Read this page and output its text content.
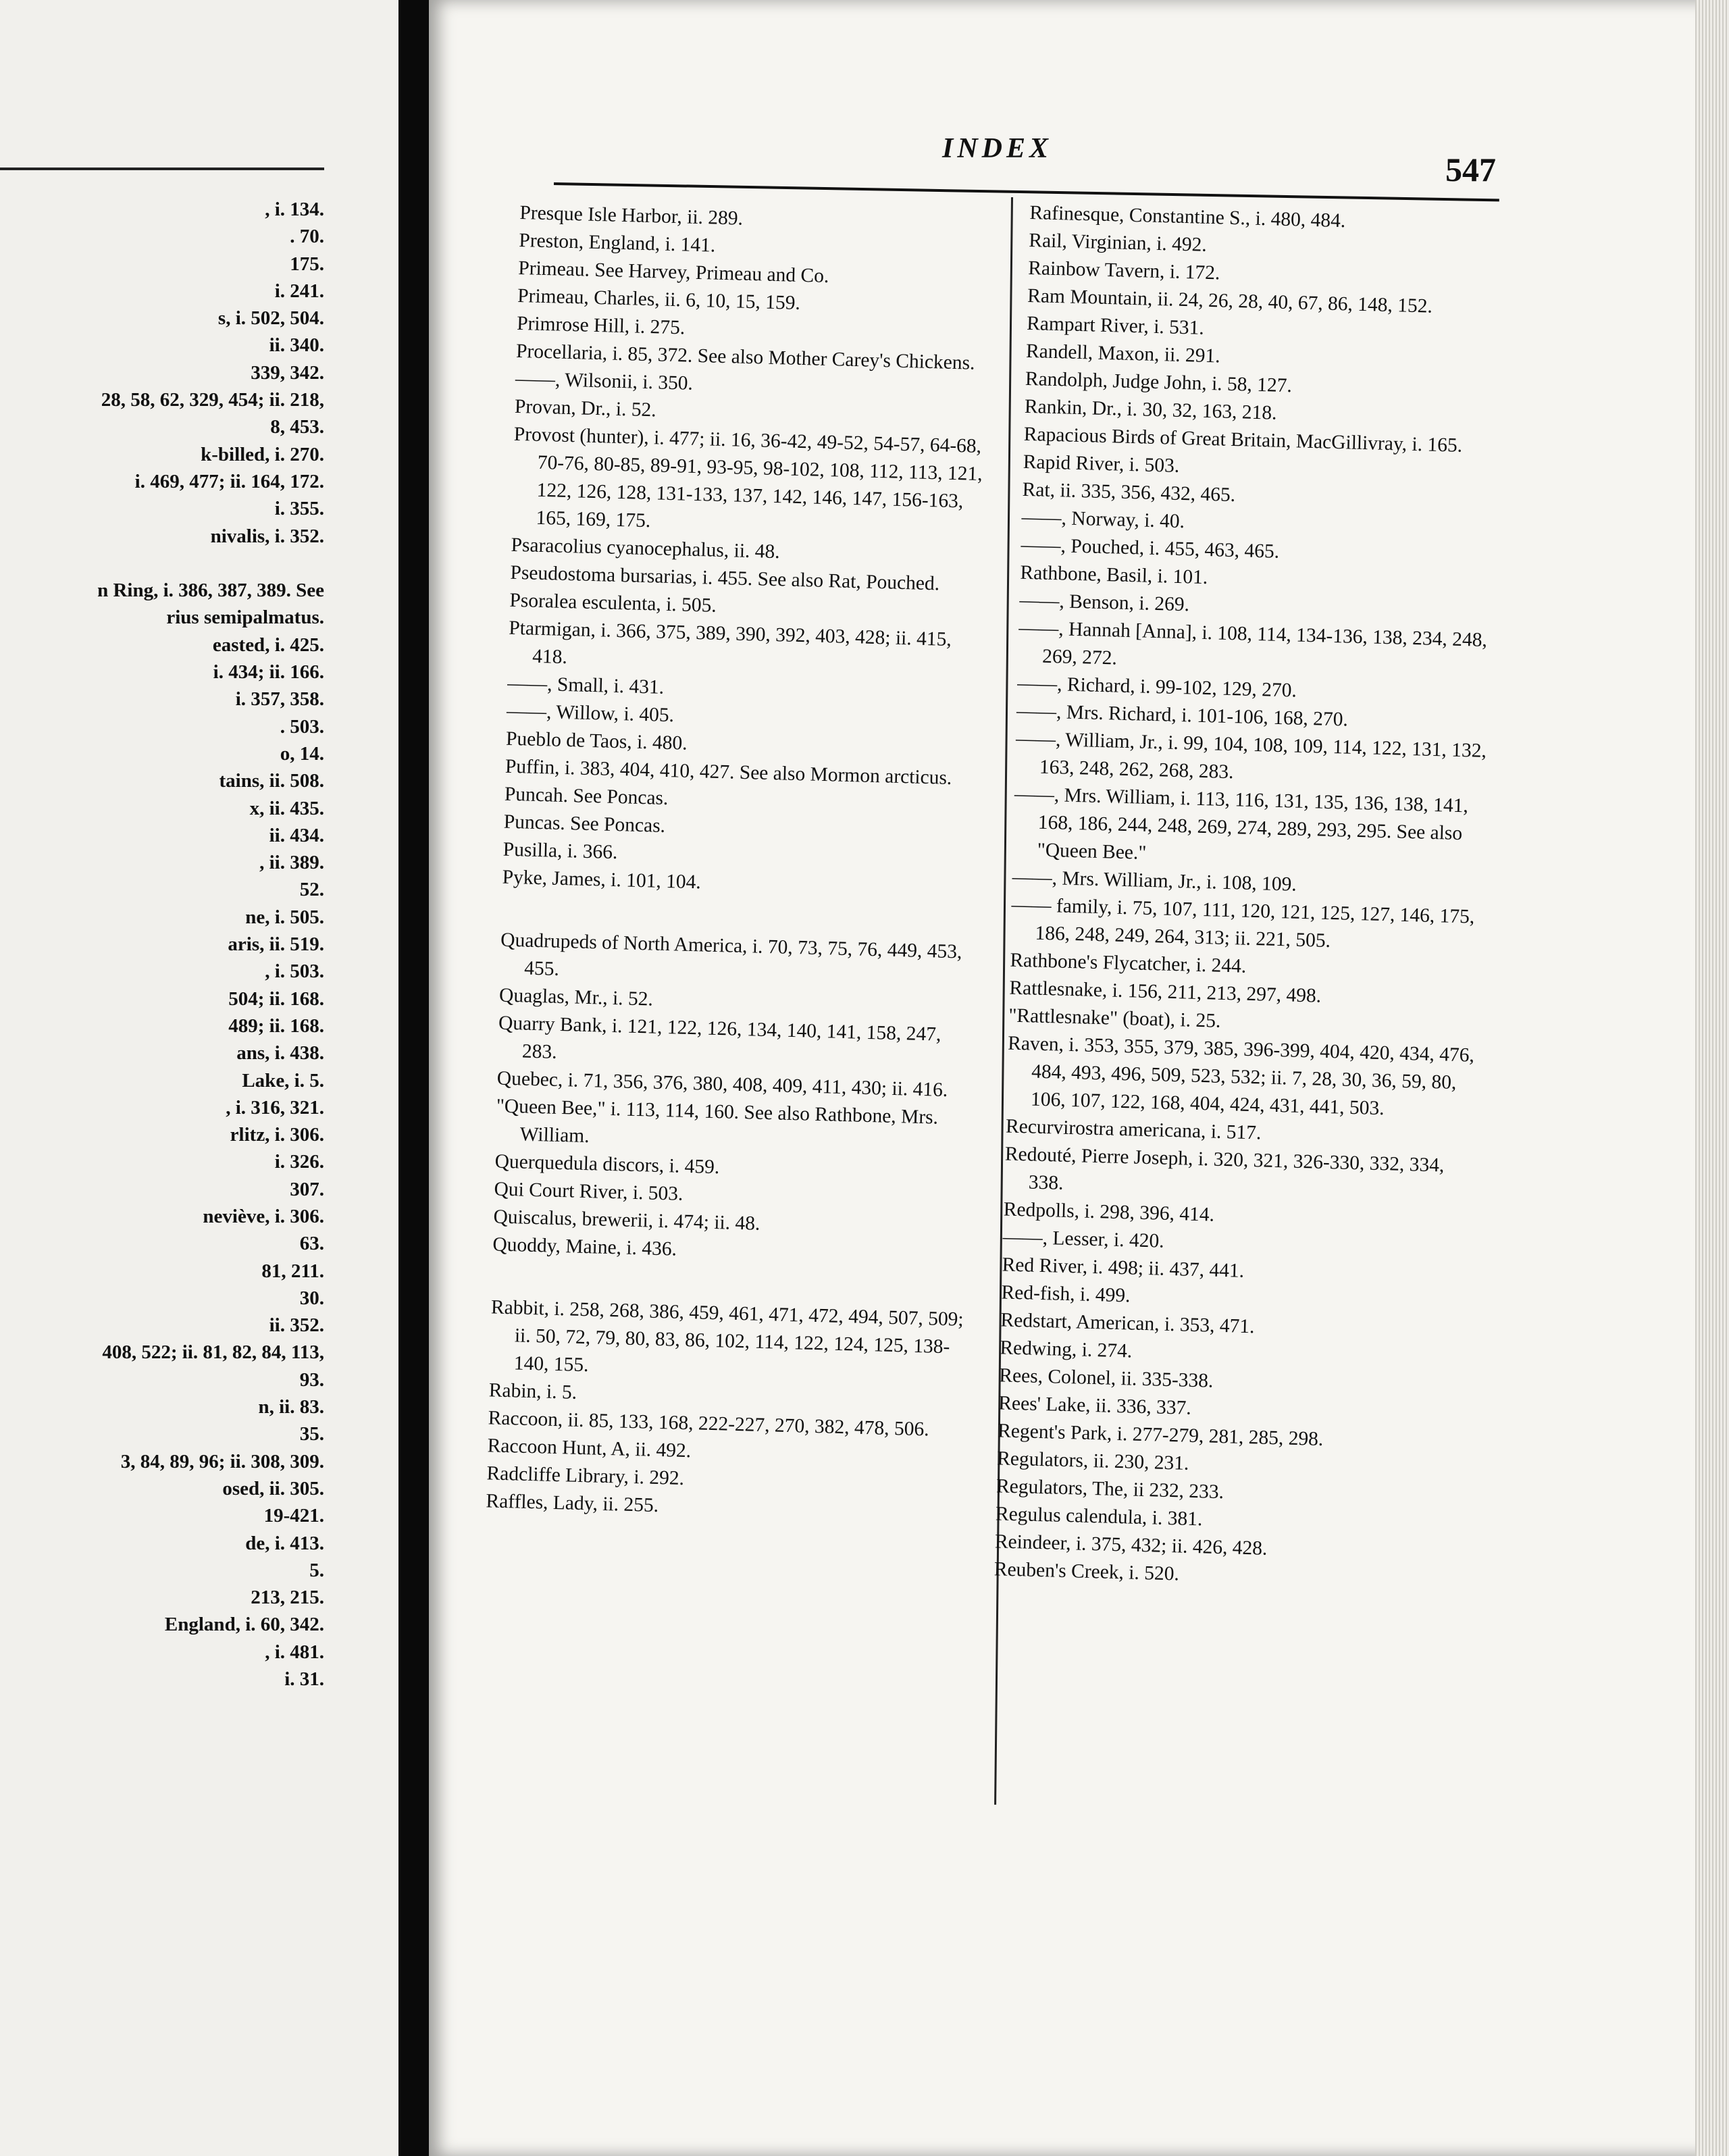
, i. 134.
. 70.
175.
i. 241.
s, i. 502, 504.
ii. 340.
339, 342.
28, 58, 62, 329, 454; ii. 218,
8, 453.
k-billed, i. 270.
i. 469, 477; ii. 164, 172.
i. 355.
nivalis, i. 352.
n Ring, i. 386, 387, 389. See
rius semipalmatus.
easted, i. 425.
i. 434; ii. 166.
i. 357, 358.
. 503.
o, 14.
tains, ii. 508.
x, ii. 435.
ii. 434.
, ii. 389.
52.
ne, i. 505.
aris, ii. 519.
, i. 503.
504; ii. 168.
489; ii. 168.
ans, i. 438.
Lake, i. 5.
, i. 316, 321.
rlitz, i. 306.
i. 326.
307.
neviève, i. 306.
63.
81, 211.
30.
ii. 352.
408, 522; ii. 81, 82, 84, 113,
93.
n, ii. 83.
35.
3, 84, 89, 96; ii. 308, 309.
osed, ii. 305.
19-421.
de, i. 413.
5.
213, 215.
England, i. 60, 342.
, i. 481.
i. 31.
INDEX
547
Presque Isle Harbor, ii. 289.
Preston, England, i. 141.
Primeau. See Harvey, Primeau and Co.
Primeau, Charles, ii. 6, 10, 15, 159.
Primrose Hill, i. 275.
Procellaria, i. 85, 372. See also Mother Carey's Chickens.
——, Wilsonii, i. 350.
Provan, Dr., i. 52.
Provost (hunter), i. 477; ii. 16, 36-42, 49-52, 54-57, 64-68, 70-76, 80-85, 89-91, 93-95, 98-102, 108, 112, 113, 121, 122, 126, 128, 131-133, 137, 142, 146, 147, 156-163, 165, 169, 175.
Psaracolius cyanocephalus, ii. 48.
Pseudostoma bursarias, i. 455. See also Rat, Pouched.
Psoralea esculenta, i. 505.
Ptarmigan, i. 366, 375, 389, 390, 392, 403, 428; ii. 415, 418.
——, Small, i. 431.
——, Willow, i. 405.
Pueblo de Taos, i. 480.
Puffin, i. 383, 404, 410, 427. See also Mormon arcticus.
Puncah. See Poncas.
Puncas. See Poncas.
Pusilla, i. 366.
Pyke, James, i. 101, 104.
Quadrupeds of North America, i. 70, 73, 75, 76, 449, 453, 455.
Quaglas, Mr., i. 52.
Quarry Bank, i. 121, 122, 126, 134, 140, 141, 158, 247, 283.
Quebec, i. 71, 356, 376, 380, 408, 409, 411, 430; ii. 416.
"Queen Bee," i. 113, 114, 160. See also Rathbone, Mrs. William.
Querquedula discors, i. 459.
Qui Court River, i. 503.
Quiscalus, brewerii, i. 474; ii. 48.
Quoddy, Maine, i. 436.
Rabbit, i. 258, 268, 386, 459, 461, 471, 472, 494, 507, 509; ii. 50, 72, 79, 80, 83, 86, 102, 114, 122, 124, 125, 138-140, 155.
Rabin, i. 5.
Raccoon, ii. 85, 133, 168, 222-227, 270, 382, 478, 506.
Raccoon Hunt, A, ii. 492.
Radcliffe Library, i. 292.
Raffles, Lady, ii. 255.
Rafinesque, Constantine S., i. 480, 484.
Rail, Virginian, i. 492.
Rainbow Tavern, i. 172.
Ram Mountain, ii. 24, 26, 28, 40, 67, 86, 148, 152.
Rampart River, i. 531.
Randell, Maxon, ii. 291.
Randolph, Judge John, i. 58, 127.
Rankin, Dr., i. 30, 32, 163, 218.
Rapacious Birds of Great Britain, MacGillivray, i. 165.
Rapid River, i. 503.
Rat, ii. 335, 356, 432, 465.
——, Norway, i. 40.
——, Pouched, i. 455, 463, 465.
Rathbone, Basil, i. 101.
——, Benson, i. 269.
——, Hannah [Anna], i. 108, 114, 134-136, 138, 234, 248, 269, 272.
——, Richard, i. 99-102, 129, 270.
——, Mrs. Richard, i. 101-106, 168, 270.
——, William, Jr., i. 99, 104, 108, 109, 114, 122, 131, 132, 163, 248, 262, 268, 283.
——, Mrs. William, i. 113, 116, 131, 135, 136, 138, 141, 168, 186, 244, 248, 269, 274, 289, 293, 295. See also "Queen Bee."
——, Mrs. William, Jr., i. 108, 109.
—— family, i. 75, 107, 111, 120, 121, 125, 127, 146, 175, 186, 248, 249, 264, 313; ii. 221, 505.
Rathbone's Flycatcher, i. 244.
Rattlesnake, i. 156, 211, 213, 297, 498.
"Rattlesnake" (boat), i. 25.
Raven, i. 353, 355, 379, 385, 396-399, 404, 420, 434, 476, 484, 493, 496, 509, 523, 532; ii. 7, 28, 30, 36, 59, 80, 106, 107, 122, 168, 404, 424, 431, 441, 503.
Recurvirostra americana, i. 517.
Redouté, Pierre Joseph, i. 320, 321, 326-330, 332, 334, 338.
Redpolls, i. 298, 396, 414.
——, Lesser, i. 420.
Red River, i. 498; ii. 437, 441.
Red-fish, i. 499.
Redstart, American, i. 353, 471.
Redwing, i. 274.
Rees, Colonel, ii. 335-338.
Rees' Lake, ii. 336, 337.
Regent's Park, i. 277-279, 281, 285, 298.
Regulators, ii. 230, 231.
Regulators, The, ii 232, 233.
Regulus calendula, i. 381.
Reindeer, i. 375, 432; ii. 426, 428.
Reuben's Creek, i. 520.
